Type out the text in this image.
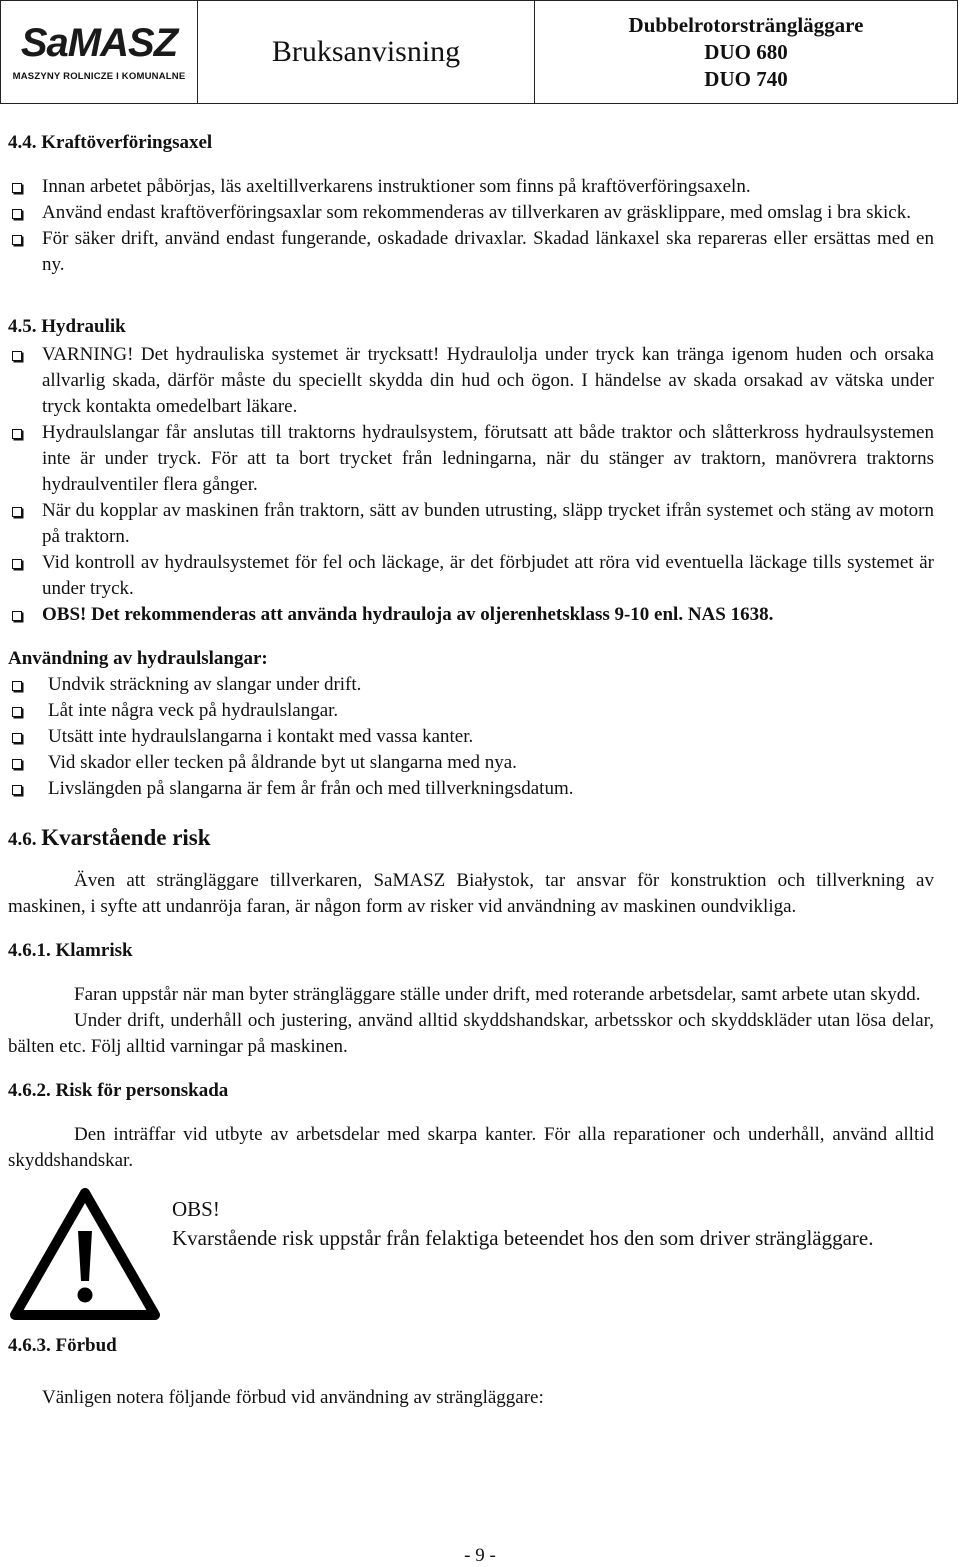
SaMASZ
MASZYNY ROLNICZE I KOMUNALNE
Bruksanvisning
Dubbelrotorsträngläggare
DUO 680
DUO 740
4.4. Kraftöverföringsaxel
Innan arbetet påbörjas, läs axeltillverkarens instruktioner som finns på kraftöverföringsaxeln.
Använd endast kraftöverföringsaxlar som rekommenderas av tillverkaren av gräsklippare, med omslag i bra skick.
För säker drift, använd endast fungerande, oskadade drivaxlar. Skadad länkaxel ska repareras eller ersättas med en ny.
4.5. Hydraulik
VARNING! Det hydrauliska systemet är trycksatt! Hydraulolja under tryck kan tränga igenom huden och orsaka allvarlig skada, därför måste du speciellt skydda din hud och ögon. I händelse av skada orsakad av vätska under tryck kontakta omedelbart läkare.
Hydraulslangar får anslutas till traktorns hydraulsystem, förutsatt att både traktor och slåtterkross hydraulsystemen inte är under tryck. För att ta bort trycket från ledningarna, när du stänger av traktorn, manövrera traktorns hydraulventiler flera gånger.
När du kopplar av maskinen från traktorn, sätt av bunden utrusting, släpp trycket ifrån systemet och stäng av motorn på traktorn.
Vid kontroll av hydraulsystemet för fel och läckage, är det förbjudet att röra vid eventuella läckage tills systemet är under tryck.
OBS! Det rekommenderas att använda hydrauloja av oljerenhetsklass 9-10 enl. NAS 1638.
Användning av hydraulslangar:
Undvik sträckning av slangar under drift.
Låt inte några veck på hydraulslangar.
Utsätt inte hydraulslangarna i kontakt med vassa kanter.
Vid skador eller tecken på åldrande byt ut slangarna med nya.
Livslängden på slangarna är fem år från och med tillverkningsdatum.
4.6. Kvarstående risk

Även att strängläggare tillverkaren, SaMASZ Białystok, tar ansvar för konstruktion och tillverkning av maskinen, i syfte att undanröja faran, är någon form av risker vid användning av maskinen oundvikliga.

4.6.1. Klamrisk

Faran uppstår när man byter strängläggare ställe under drift, med roterande arbetsdelar, samt arbete utan skydd.

Under drift, underhåll och justering, använd alltid skyddshandskar, arbetsskor och skyddskläder utan lösa delar, bälten etc. Följ alltid varningar på maskinen.

4.6.2. Risk för personskada

Den inträffar vid utbyte av arbetsdelar med skarpa kanter. För alla reparationer och underhåll, använd alltid skyddshandskar.

OBS!

Kvarstående risk uppstår från felaktiga beteendet hos den som driver strängläggare.

4.6.3. Förbud

Vänligen notera följande förbud vid användning av strängläggare:

- 9 -
